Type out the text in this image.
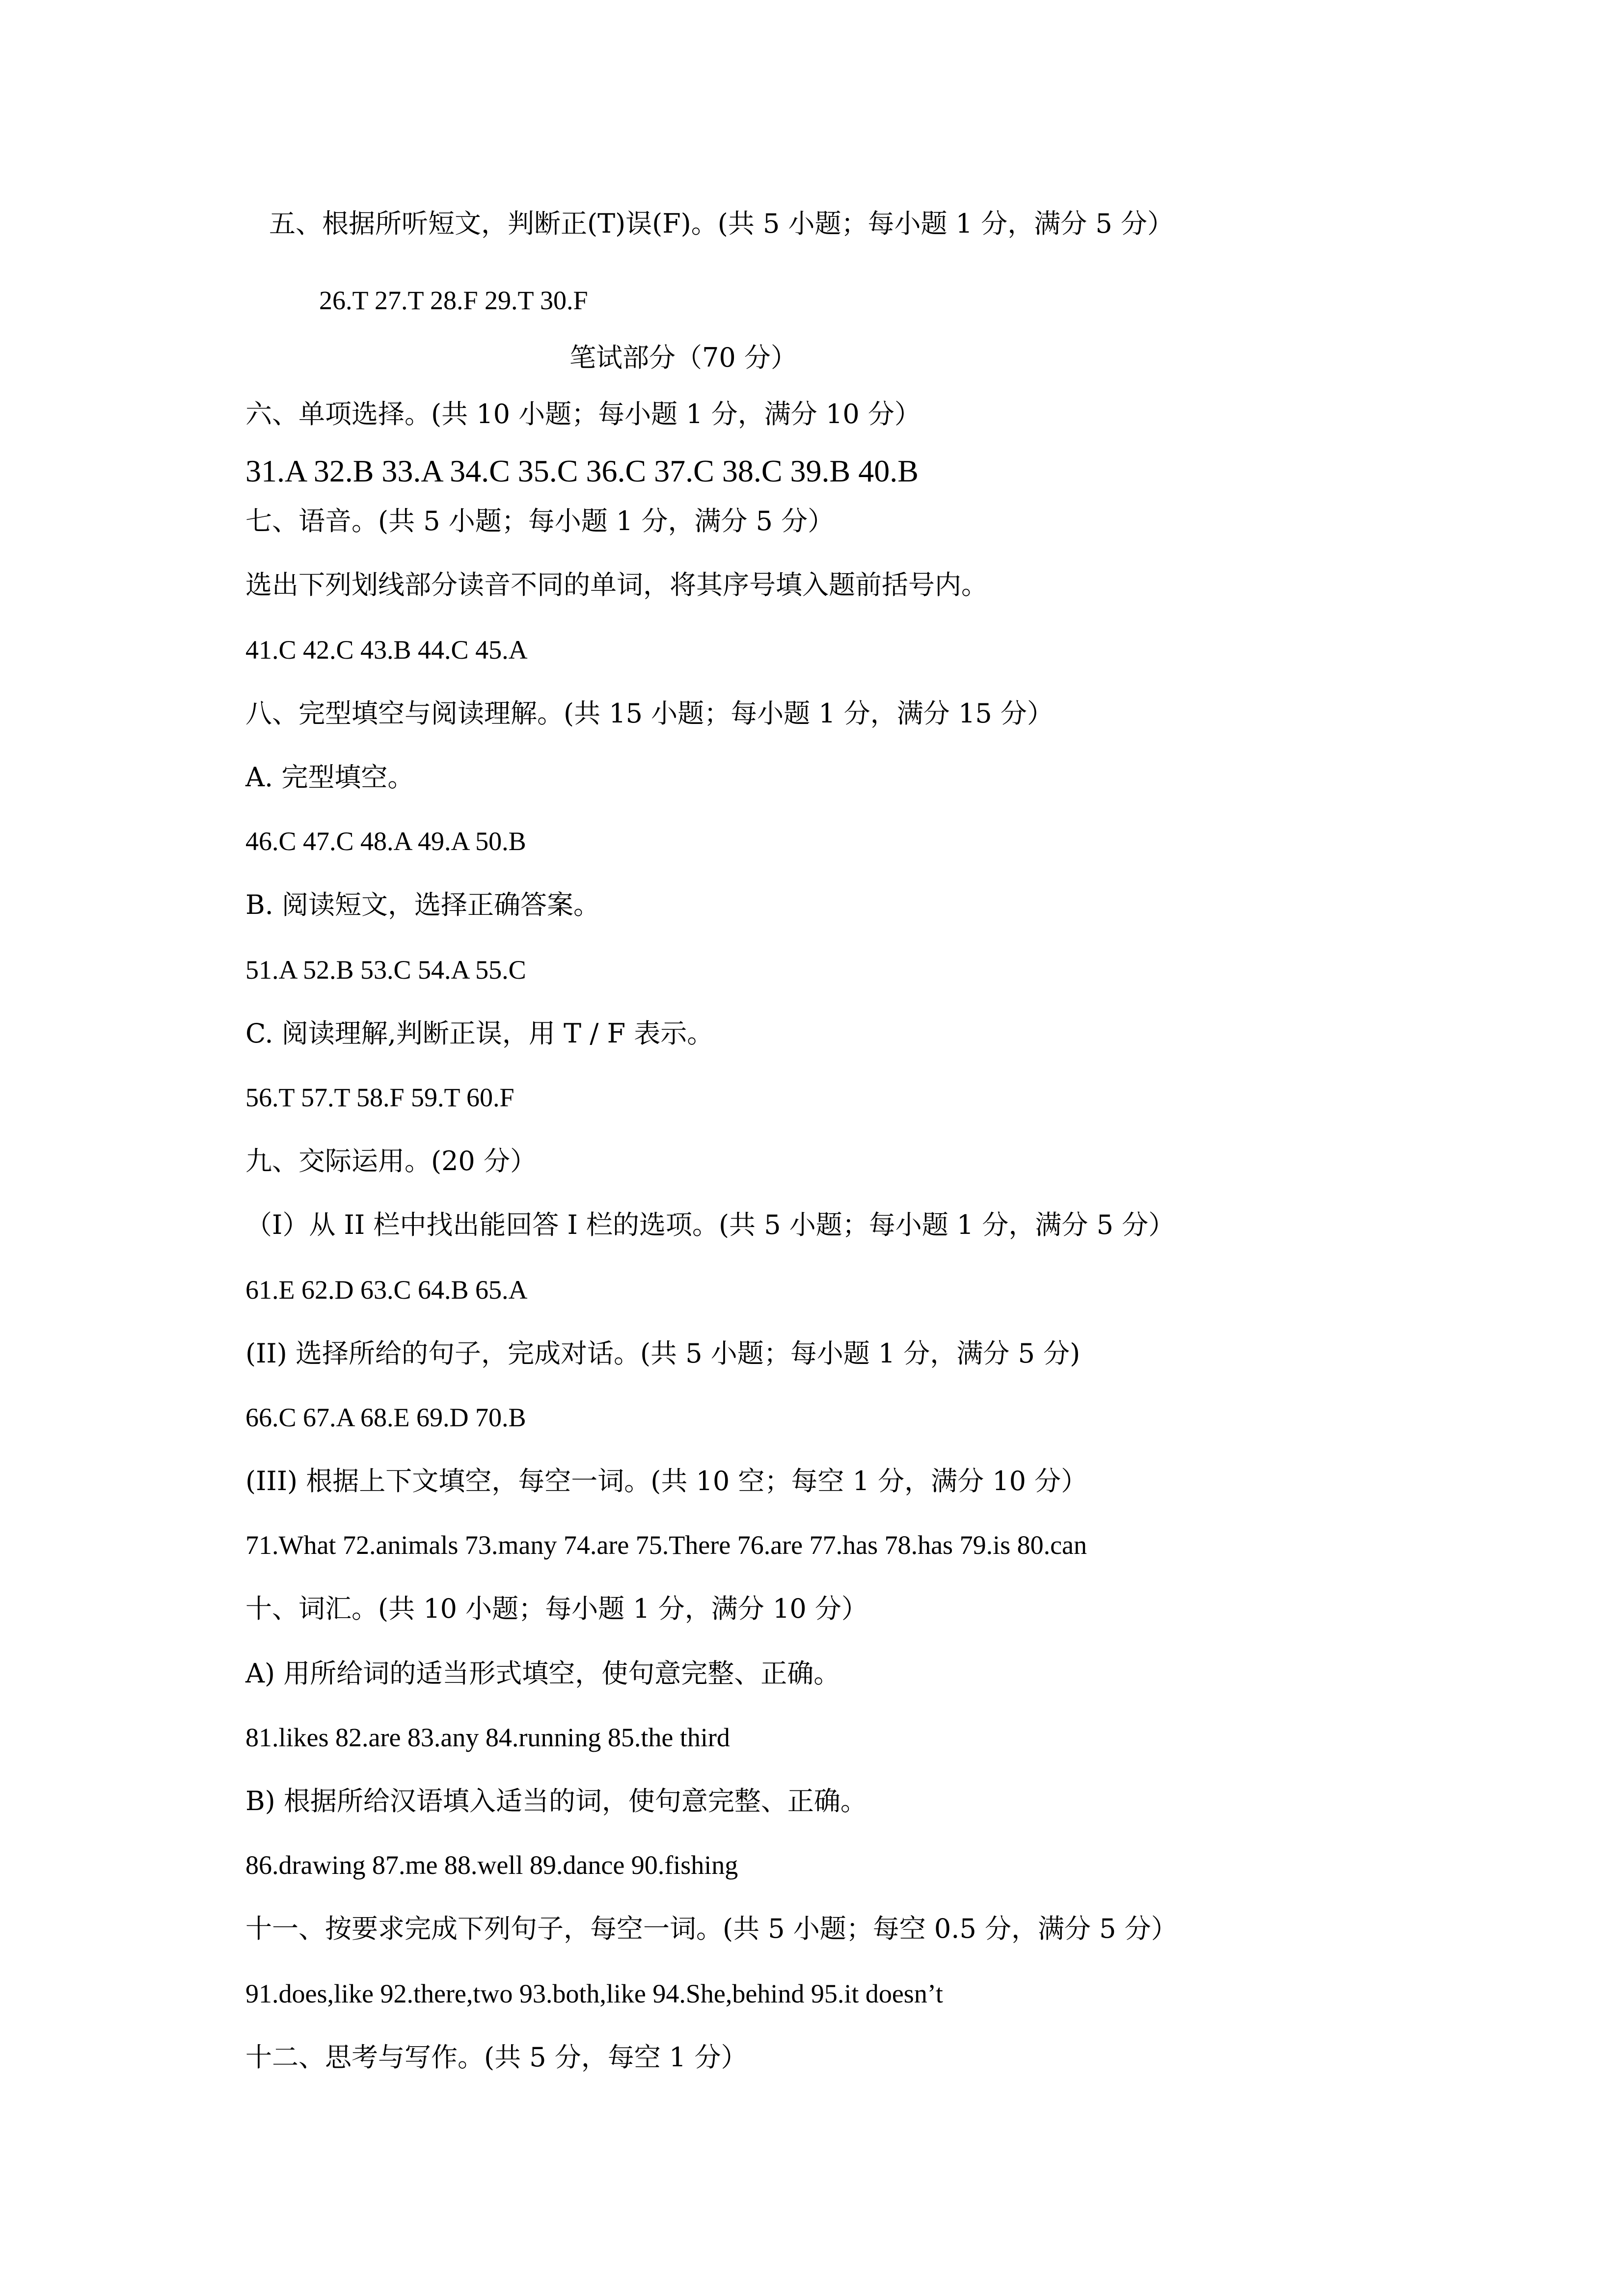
五、根据所听短文，判断正(T)误(F)。(共 5 小题；每小题 1 分，满分 5 分）
26.T 27.T 28.F 29.T 30.F
笔试部分（70 分）
六、单项选择。(共 10 小题；每小题 1 分，满分 10 分）
31.A 32.B 33.A 34.C 35.C 36.C 37.C 38.C 39.B 40.B
七、语音。(共 5 小题；每小题 1 分，满分 5 分）
选出下列划线部分读音不同的单词，将其序号填入题前括号内。
41.C 42.C 43.B 44.C 45.A
八、完型填空与阅读理解。(共 15 小题；每小题 1 分，满分 15 分）
A. 完型填空。
46.C 47.C 48.A 49.A 50.B
B. 阅读短文，选择正确答案。
51.A 52.B 53.C 54.A 55.C
C. 阅读理解,判断正误，用 T / F 表示。
56.T 57.T 58.F 59.T 60.F
九、交际运用。(20 分）
（I）从 II 栏中找出能回答 I 栏的选项。(共 5 小题；每小题 1 分，满分 5 分）
61.E 62.D 63.C 64.B 65.A
(II) 选择所给的句子，完成对话。(共 5 小题；每小题 1 分，满分 5 分)
66.C 67.A 68.E 69.D 70.B
(III) 根据上下文填空，每空一词。(共 10 空；每空 1 分，满分 10 分）
71.What 72.animals 73.many 74.are 75.There 76.are 77.has 78.has 79.is 80.can
十、词汇。(共 10 小题；每小题 1 分，满分 10 分）
A) 用所给词的适当形式填空，使句意完整、正确。
81.likes 82.are 83.any 84.running 85.the third
B) 根据所给汉语填入适当的词，使句意完整、正确。
86.drawing 87.me 88.well 89.dance 90.fishing
十一、按要求完成下列句子，每空一词。(共 5 小题；每空 0.5 分，满分 5 分）
91.does,like 92.there,two 93.both,like 94.She,behind 95.it doesn’t
十二、思考与写作。(共 5 分，每空 1 分）
